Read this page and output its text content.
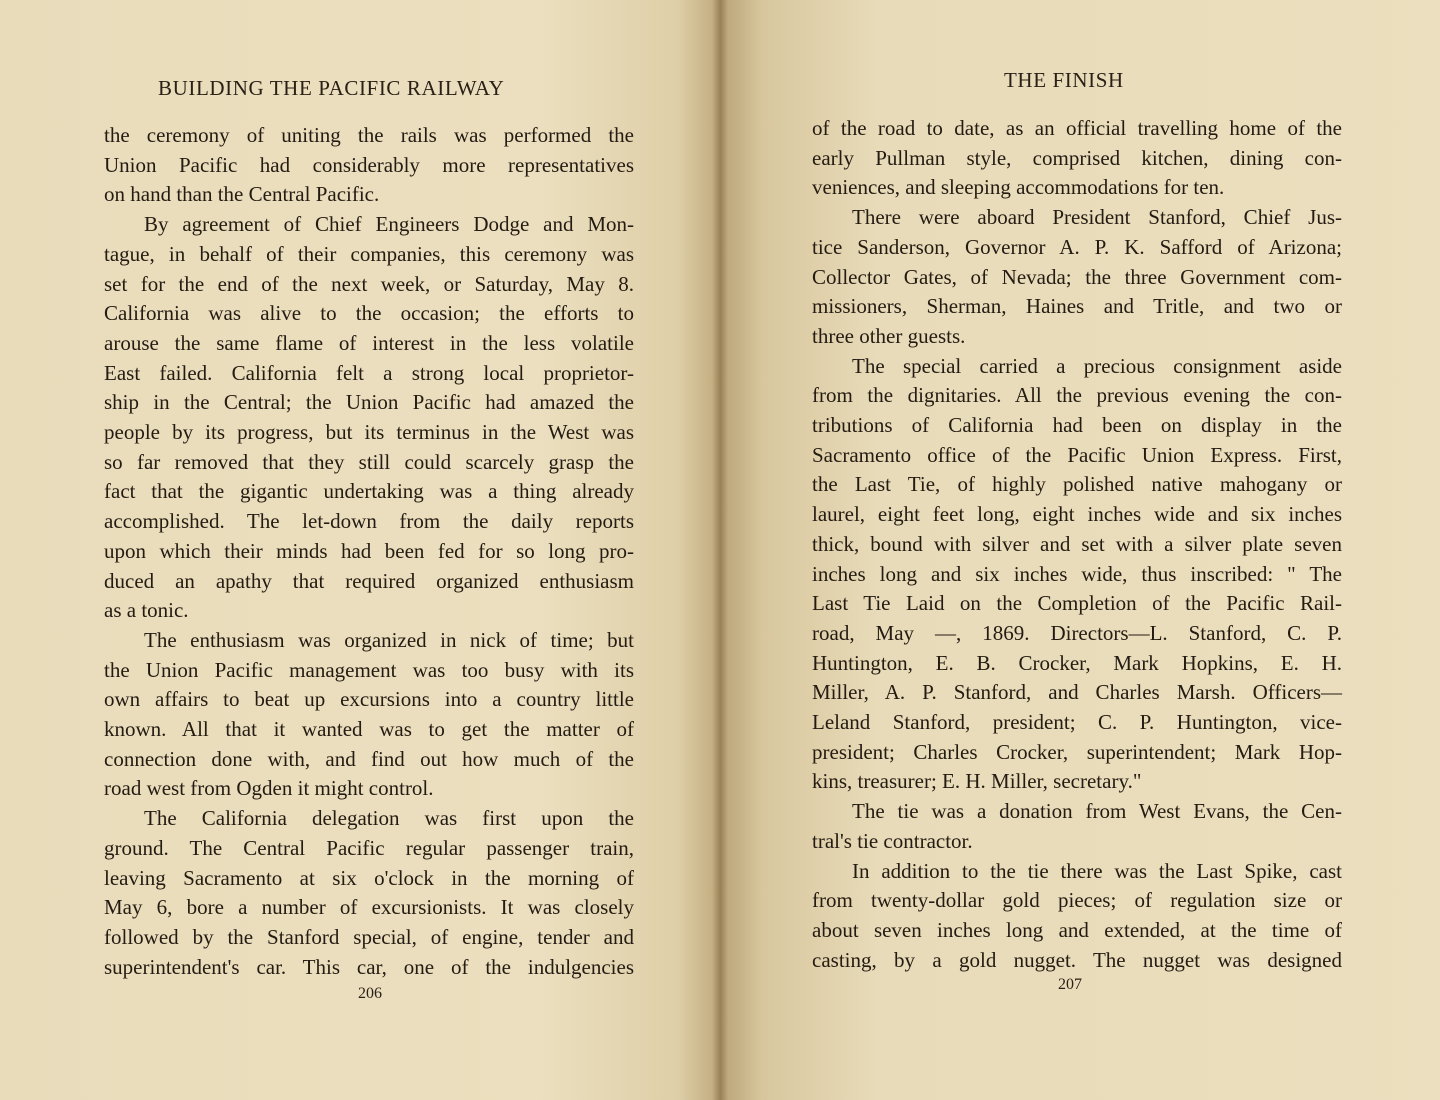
BUILDING THE PACIFIC RAILWAY

the ceremony of uniting the rails was performed the

Union Pacific had considerably more representatives

on hand than the Central Pacific.

By agreement of Chief Engineers Dodge and Mon-

tague, in behalf of their companies, this ceremony was

set for the end of the next week, or Saturday, May 8.

California was alive to the occasion; the efforts to

arouse the same flame of interest in the less volatile

East failed. California felt a strong local proprietor-

ship in the Central; the Union Pacific had amazed the

people by its progress, but its terminus in the West was

so far removed that they still could scarcely grasp the

fact that the gigantic undertaking was a thing already

accomplished. The let-down from the daily reports

upon which their minds had been fed for so long pro-

duced an apathy that required organized enthusiasm

as a tonic.

The enthusiasm was organized in nick of time; but

the Union Pacific management was too busy with its

own affairs to beat up excursions into a country little

known. All that it wanted was to get the matter of

connection done with, and find out how much of the

road west from Ogden it might control.

The California delegation was first upon the

ground. The Central Pacific regular passenger train,

leaving Sacramento at six o'clock in the morning of

May 6, bore a number of excursionists. It was closely

followed by the Stanford special, of engine, tender and

superintendent's car. This car, one of the indulgencies

206
THE FINISH

of the road to date, as an official travelling home of the

early Pullman style, comprised kitchen, dining con-

veniences, and sleeping accommodations for ten.

There were aboard President Stanford, Chief Jus-

tice Sanderson, Governor A. P. K. Safford of Arizona;

Collector Gates, of Nevada; the three Government com-

missioners, Sherman, Haines and Tritle, and two or

three other guests.

The special carried a precious consignment aside

from the dignitaries. All the previous evening the con-

tributions of California had been on display in the

Sacramento office of the Pacific Union Express. First,

the Last Tie, of highly polished native mahogany or

laurel, eight feet long, eight inches wide and six inches

thick, bound with silver and set with a silver plate seven

inches long and six inches wide, thus inscribed: " The

Last Tie Laid on the Completion of the Pacific Rail-

road, May —, 1869. Directors—L. Stanford, C. P.

Huntington, E. B. Crocker, Mark Hopkins, E. H.

Miller, A. P. Stanford, and Charles Marsh. Officers—

Leland Stanford, president; C. P. Huntington, vice-

president; Charles Crocker, superintendent; Mark Hop-

kins, treasurer; E. H. Miller, secretary."

The tie was a donation from West Evans, the Cen-

tral's tie contractor.

In addition to the tie there was the Last Spike, cast

from twenty-dollar gold pieces; of regulation size or

about seven inches long and extended, at the time of

casting, by a gold nugget. The nugget was designed

207
